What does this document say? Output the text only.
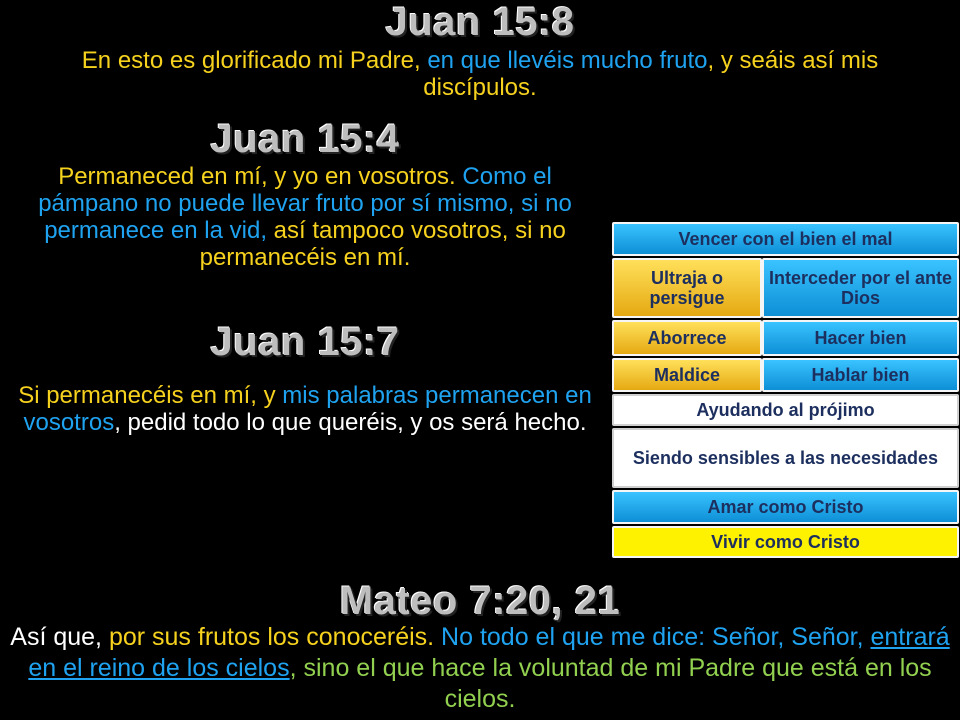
Juan 15:8
En esto es glorificado mi Padre, en que llevéis mucho fruto, y seáis así mis discípulos.
Juan 15:4
Permaneced en mí, y yo en vosotros. Como el pámpano no puede llevar fruto por sí mismo, si no permanece en la vid, así tampoco vosotros, si no permanecéis en mí.
Juan 15:7
Si permanecéis en mí, y mis palabras permanecen en vosotros, pedid todo lo que queréis, y os será hecho.
Vencer con el bien el mal
Ultraja o persigue
Interceder por el ante Dios
Aborrece	Hacer bien
Maldice	Hablar bien
Ayudando al prójimo
Siendo sensibles a las necesidades
Amar como Cristo
Vivir como Cristo
Mateo 7:20, 21
Así que, por sus frutos los conoceréis. No todo el que me dice: Señor, Señor, entrará en el reino de los cielos, sino el que hace la voluntad de mi Padre que está en los cielos.
